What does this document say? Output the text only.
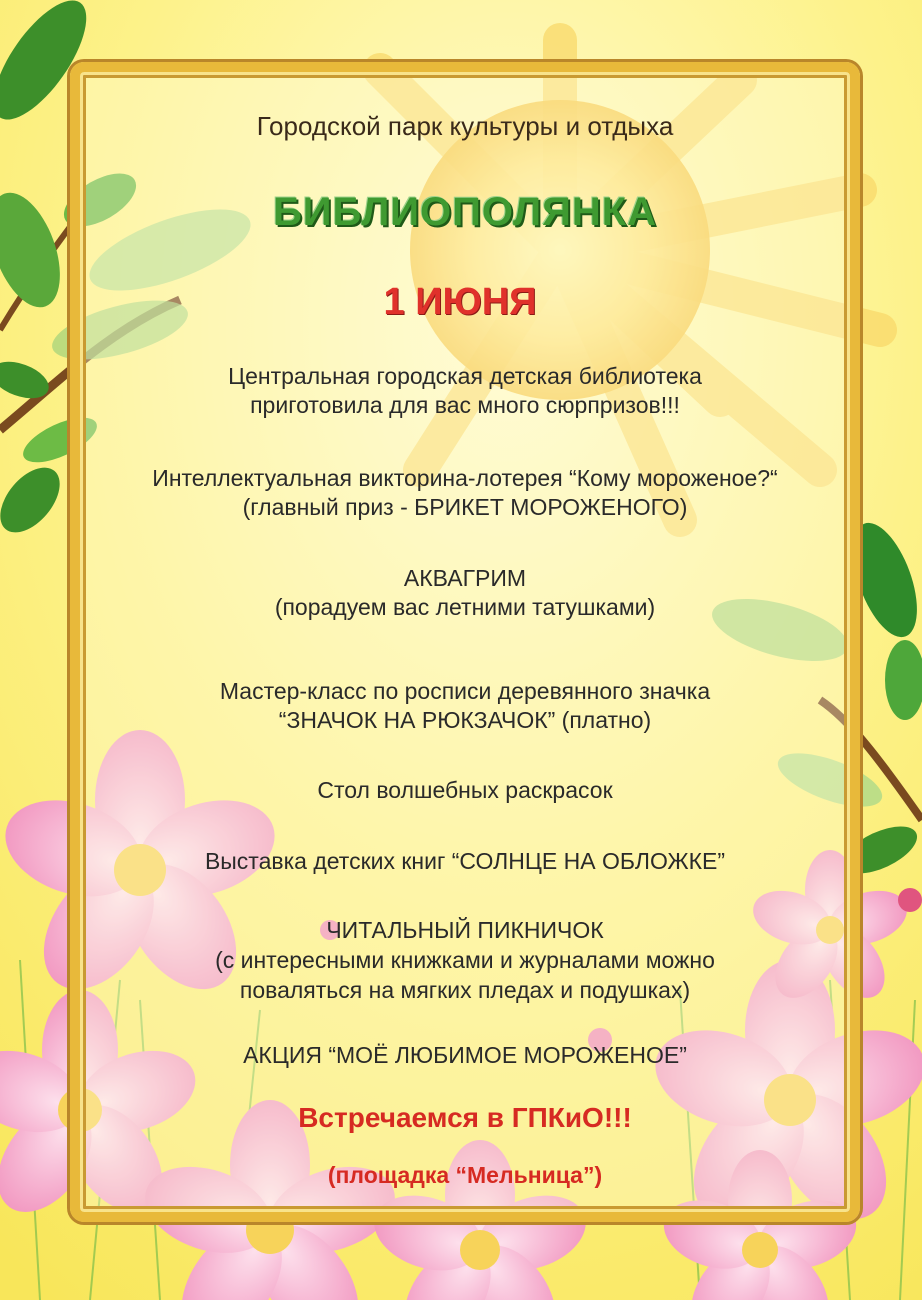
Городской парк культуры и отдыха
БИБЛИОПОЛЯНКА
1 ИЮНЯ
Центральная городская детская библиотека
приготовила для вас много сюрпризов!!!
Интеллектуальная викторина-лотерея “Кому мороженое?“
(главный приз - БРИКЕТ МОРОЖЕНОГО)
АКВАГРИМ
(порадуем вас летними татушками)
Мастер-класс по росписи деревянного значка
“ЗНАЧОК НА РЮКЗАЧОК” (платно)
Стол волшебных раскрасок
Выставка детских книг “СОЛНЦЕ НА ОБЛОЖКЕ”
ЧИТАЛЬНЫЙ ПИКНИЧОК
(с интересными книжками и журналами можно
поваляться на мягких пледах и подушках)
АКЦИЯ “МОЁ ЛЮБИМОЕ МОРОЖЕНОЕ”
Встречаемся в ГПКиО!!!
(площадка “Мельница”)
